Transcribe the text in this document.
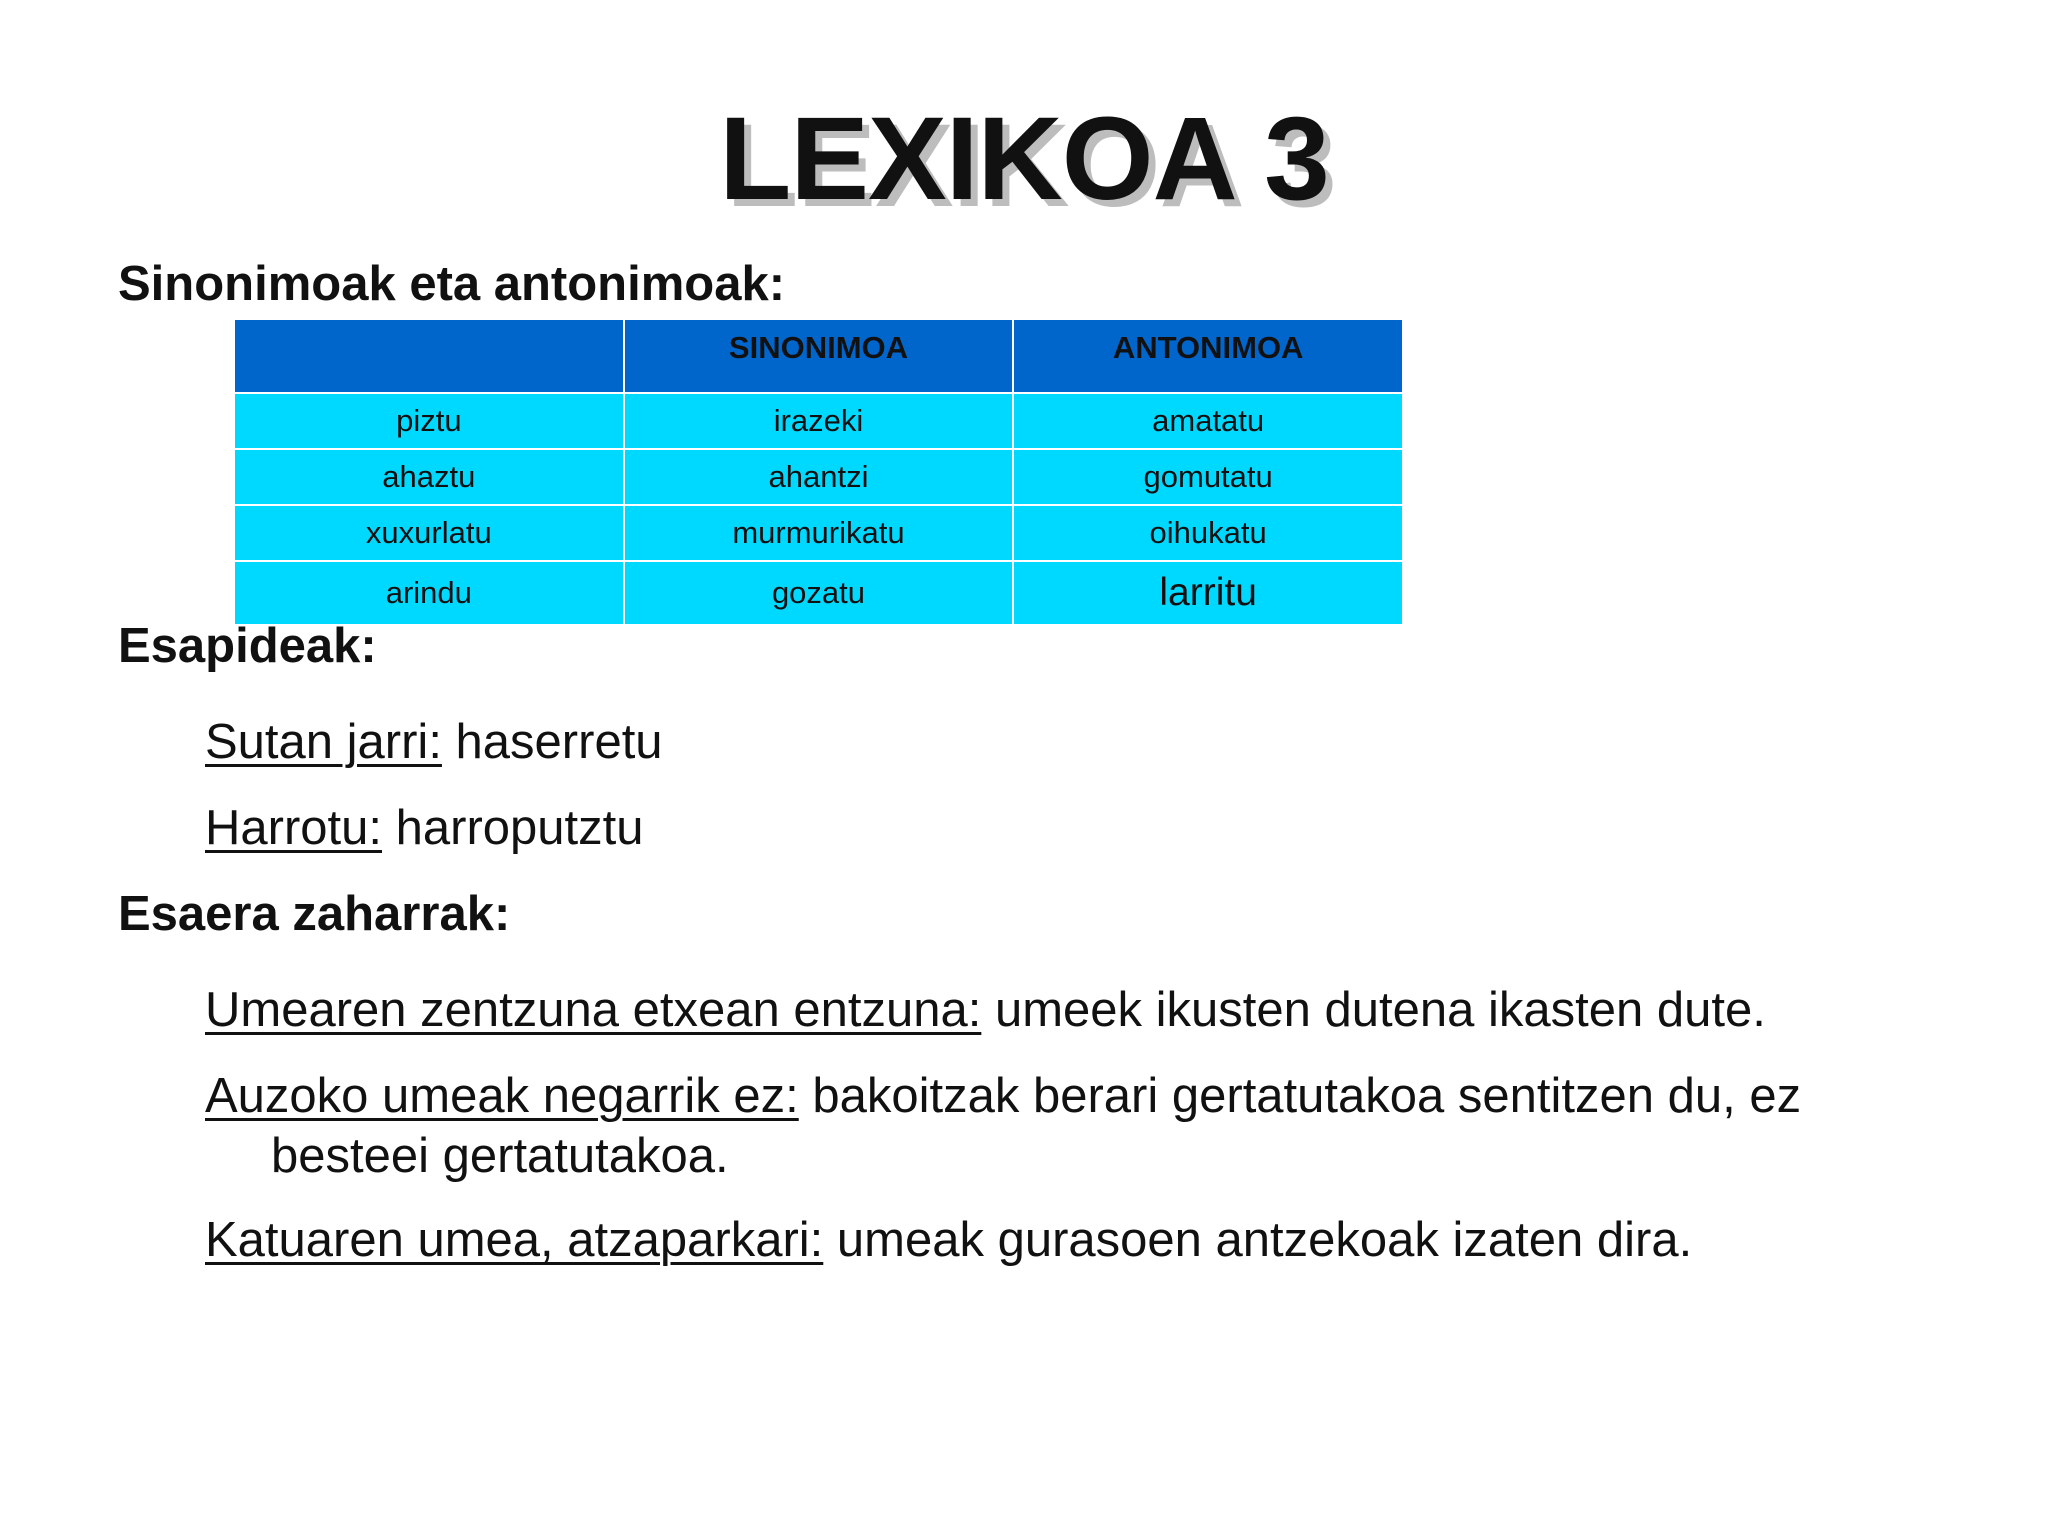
LEXIKOA 3
Sinonimoak eta antonimoak:
	SINONIMOA	ANTONIMOA
piztu	irazeki	amatatu
ahaztu	ahantzi	gomutatu
xuxurlatu	murmurikatu	oihukatu
arindu	gozatu	larritu
Esapideak:
Sutan jarri: haserretu
Harrotu: harroputztu
Esaera zaharrak:
Umearen zentzuna etxean entzuna: umeek ikusten dutena ikasten dute.
Auzoko umeak negarrik ez: bakoitzak berari gertatutakoa sentitzen du, ez
besteei gertatutakoa.
Katuaren umea, atzaparkari: umeak gurasoen antzekoak izaten dira.
